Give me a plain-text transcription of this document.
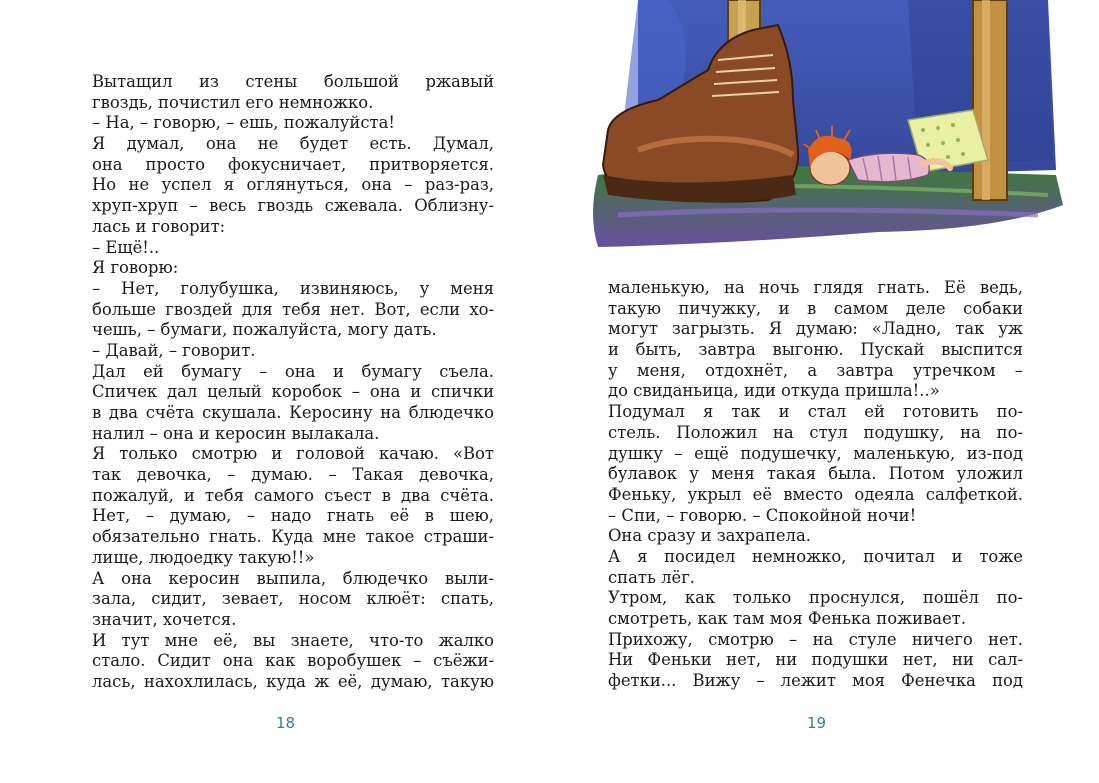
Вытащил из стены большой ржавый
гвоздь, почистил его немножко.
– На, – говорю, – ешь, пожалуйста!
Я думал, она не будет есть. Думал,
она просто фокусничает, притворяется.
Но не успел я оглянуться, она – раз-раз,
хруп-хруп – весь гвоздь сжевала. Облизну-
лась и говорит:
– Ещё!..
Я говорю:
– Нет, голубушка, извиняюсь, у меня
больше гвоздей для тебя нет. Вот, если хо-
чешь, – бумаги, пожалуйста, могу дать.
– Давай, – говорит.
Дал ей бумагу – она и бумагу съела.
Спичек дал целый коробок – она и спички
в два счёта скушала. Керосину на блюдечко
налил – она и керосин вылакала.
Я только смотрю и головой качаю. «Вот
так девочка, – думаю. – Такая девочка,
пожалуй, и тебя самого съест в два счёта.
Нет, – думаю, – надо гнать её в шею,
обязательно гнать. Куда мне такое страши-
лище, людоедку такую!!»
А она керосин выпила, блюдечко выли-
зала, сидит, зевает, носом клюёт: спать,
значит, хочется.
И тут мне её, вы знаете, что-то жалко
стало. Сидит она как воробушек – съёжи-
лась, нахохлилась, куда ж её, думаю, такую
18
маленькую, на ночь глядя гнать. Её ведь,
такую пичужку, и в самом деле собаки
могут загрызть. Я думаю: «Ладно, так уж
и быть, завтра выгоню. Пускай выспится
у меня, отдохнёт, а завтра утречком –
до свиданьица, иди откуда пришла!..»
Подумал я так и стал ей готовить по-
стель. Положил на стул подушку, на по-
душку – ещё подушечку, маленькую, из-под
булавок у меня такая была. Потом уложил
Феньку, укрыл её вместо одеяла салфеткой.
– Спи, – говорю. – Спокойной ночи!
Она сразу и захрапела.
А я посидел немножко, почитал и тоже
спать лёг.
Утром, как только проснулся, пошёл по-
смотреть, как там моя Фенька поживает.
Прихожу, смотрю – на стуле ничего нет.
Ни Феньки нет, ни подушки нет, ни сал-
фетки... Вижу – лежит моя Фенечка под
19
